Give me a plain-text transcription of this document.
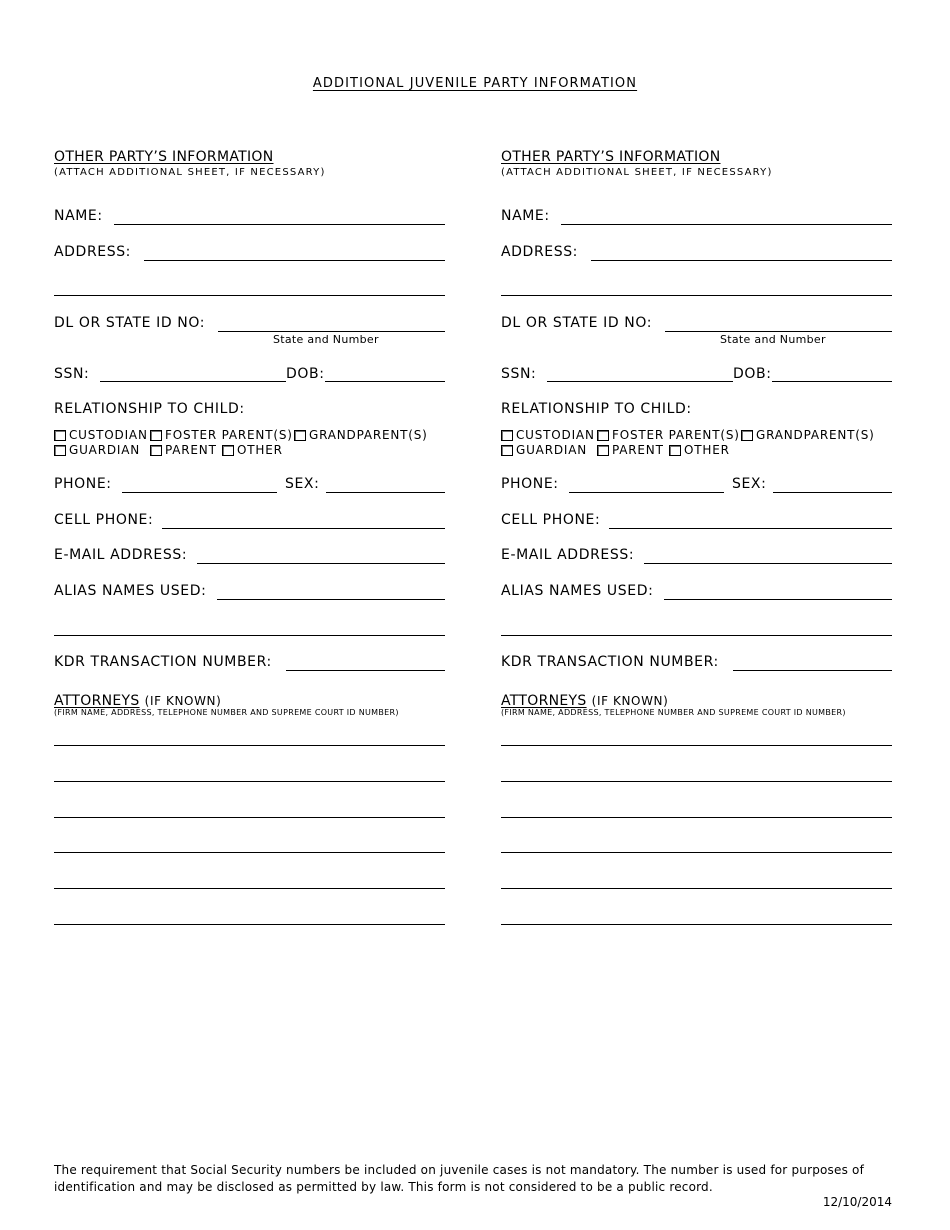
ADDITIONAL JUVENILE PARTY INFORMATION
OTHER PARTY’S INFORMATION
(ATTACH ADDITIONAL SHEET, IF NECESSARY)
NAME:
ADDRESS:
DL OR STATE ID NO:
State and Number
SSN:	DOB:
RELATIONSHIP TO CHILD:
CUSTODIAN FOSTER PARENT(S) GRANDPARENT(S)
GUARDIAN PARENT OTHER
PHONE:	SEX:
CELL PHONE:
E-MAIL ADDRESS:
ALIAS NAMES USED:
KDR TRANSACTION NUMBER:
ATTORNEYS (IF KNOWN)
(FIRM NAME, ADDRESS, TELEPHONE NUMBER AND SUPREME COURT ID NUMBER)
OTHER PARTY’S INFORMATION
(ATTACH ADDITIONAL SHEET, IF NECESSARY)
NAME:
ADDRESS:
DL OR STATE ID NO:
State and Number
SSN:	DOB:
RELATIONSHIP TO CHILD:
CUSTODIAN FOSTER PARENT(S) GRANDPARENT(S)
GUARDIAN PARENT OTHER
PHONE:	SEX:
CELL PHONE:
E-MAIL ADDRESS:
ALIAS NAMES USED:
KDR TRANSACTION NUMBER:
ATTORNEYS (IF KNOWN)
(FIRM NAME, ADDRESS, TELEPHONE NUMBER AND SUPREME COURT ID NUMBER)
The requirement that Social Security numbers be included on juvenile cases is not mandatory. The number is used for purposes of identification and may be disclosed as permitted by law. This form is not considered to be a public record.
12/10/2014
